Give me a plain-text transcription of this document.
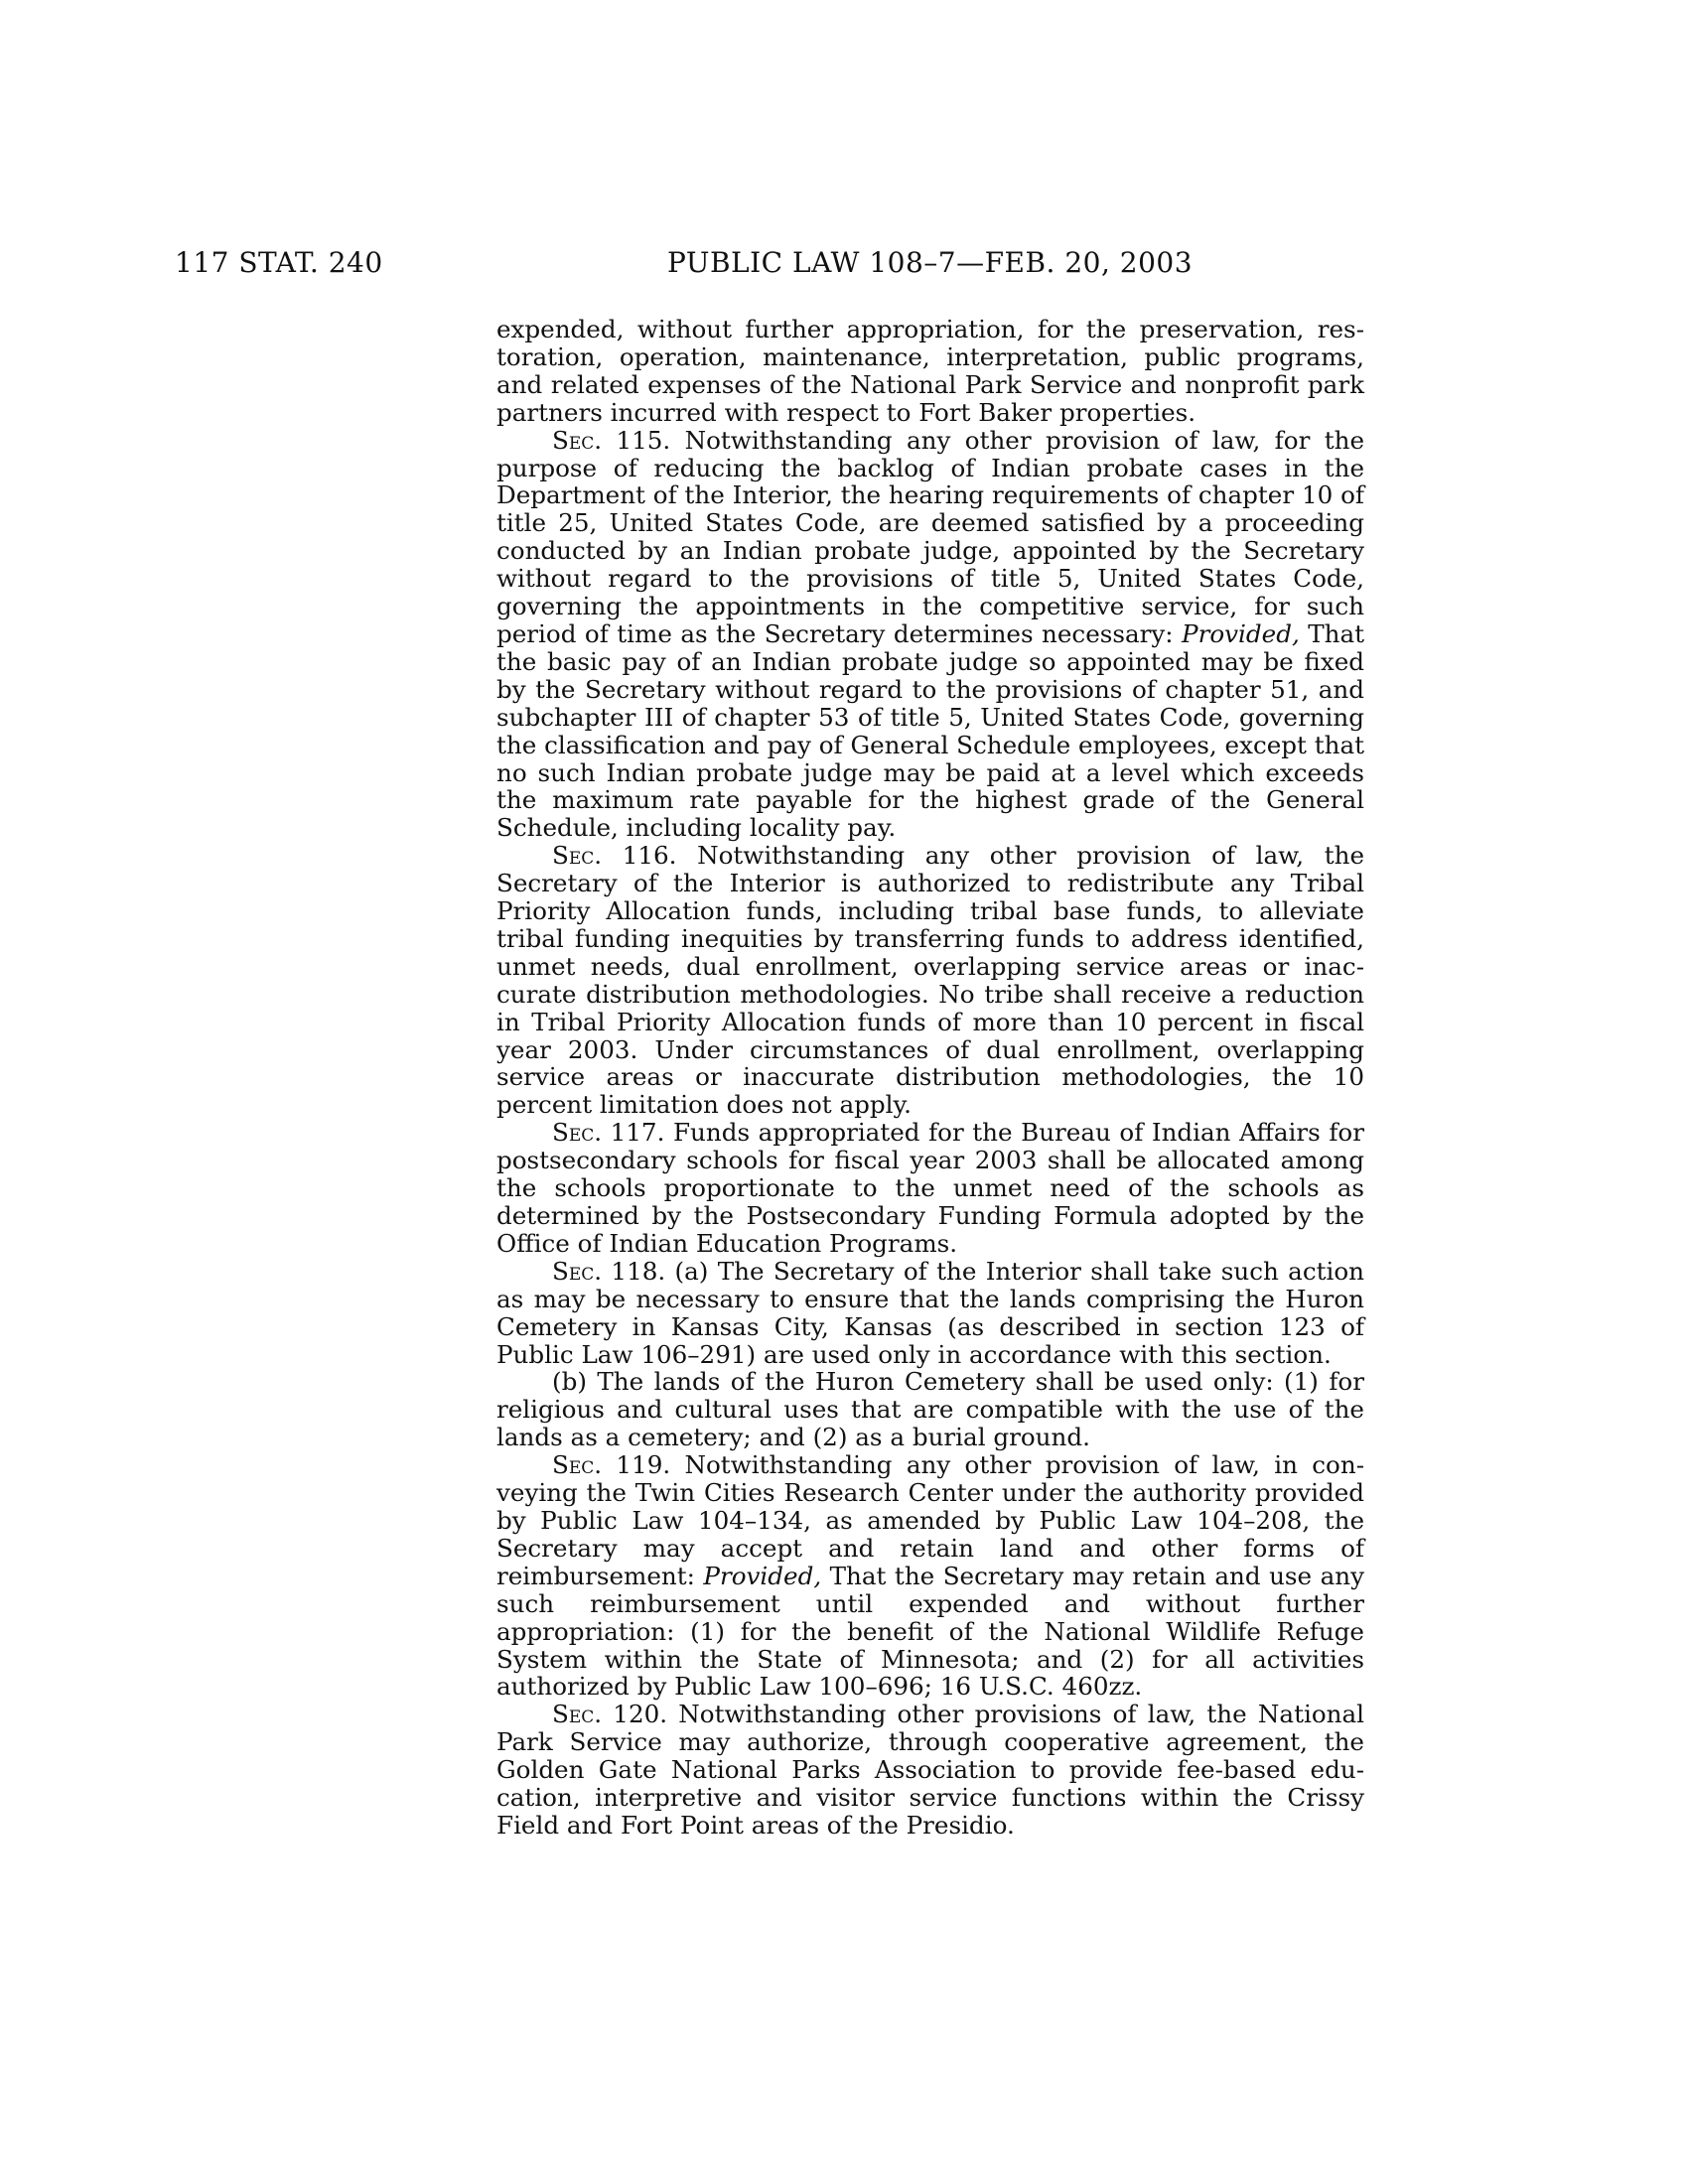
117 STAT. 240	PUBLIC LAW 108–7—FEB. 20, 2003

expended, without further appropriation, for the preservation, restoration, operation, maintenance, interpretation, public programs, and related expenses of the National Park Service and nonprofit park partners incurred with respect to Fort Baker properties.

Sec. 115. Notwithstanding any other provision of law, for the purpose of reducing the backlog of Indian probate cases in the Department of the Interior, the hearing requirements of chapter 10 of title 25, United States Code, are deemed satisfied by a proceeding conducted by an Indian probate judge, appointed by the Secretary without regard to the provisions of title 5, United States Code, governing the appointments in the competitive service, for such period of time as the Secretary determines necessary: Provided, That the basic pay of an Indian probate judge so appointed may be fixed by the Secretary without regard to the provisions of chapter 51, and subchapter III of chapter 53 of title 5, United States Code, governing the classification and pay of General Schedule employees, except that no such Indian probate judge may be paid at a level which exceeds the maximum rate payable for the highest grade of the General Schedule, including locality pay.

Sec. 116. Notwithstanding any other provision of law, the Secretary of the Interior is authorized to redistribute any Tribal Priority Allocation funds, including tribal base funds, to alleviate tribal funding inequities by transferring funds to address identified, unmet needs, dual enrollment, overlapping service areas or inaccurate distribution methodologies. No tribe shall receive a reduction in Tribal Priority Allocation funds of more than 10 percent in fiscal year 2003. Under circumstances of dual enrollment, overlapping service areas or inaccurate distribution methodologies, the 10 percent limitation does not apply.

Sec. 117. Funds appropriated for the Bureau of Indian Affairs for postsecondary schools for fiscal year 2003 shall be allocated among the schools proportionate to the unmet need of the schools as determined by the Postsecondary Funding Formula adopted by the Office of Indian Education Programs.

Sec. 118. (a) The Secretary of the Interior shall take such action as may be necessary to ensure that the lands comprising the Huron Cemetery in Kansas City, Kansas (as described in section 123 of Public Law 106–291) are used only in accordance with this section.

(b) The lands of the Huron Cemetery shall be used only: (1) for religious and cultural uses that are compatible with the use of the lands as a cemetery; and (2) as a burial ground.

Sec. 119. Notwithstanding any other provision of law, in conveying the Twin Cities Research Center under the authority provided by Public Law 104–134, as amended by Public Law 104–208, the Secretary may accept and retain land and other forms of reimbursement: Provided, That the Secretary may retain and use any such reimbursement until expended and without further appropriation: (1) for the benefit of the National Wildlife Refuge System within the State of Minnesota; and (2) for all activities authorized by Public Law 100–696; 16 U.S.C. 460zz.

Sec. 120. Notwithstanding other provisions of law, the National Park Service may authorize, through cooperative agreement, the Golden Gate National Parks Association to provide fee-based education, interpretive and visitor service functions within the Crissy Field and Fort Point areas of the Presidio.
